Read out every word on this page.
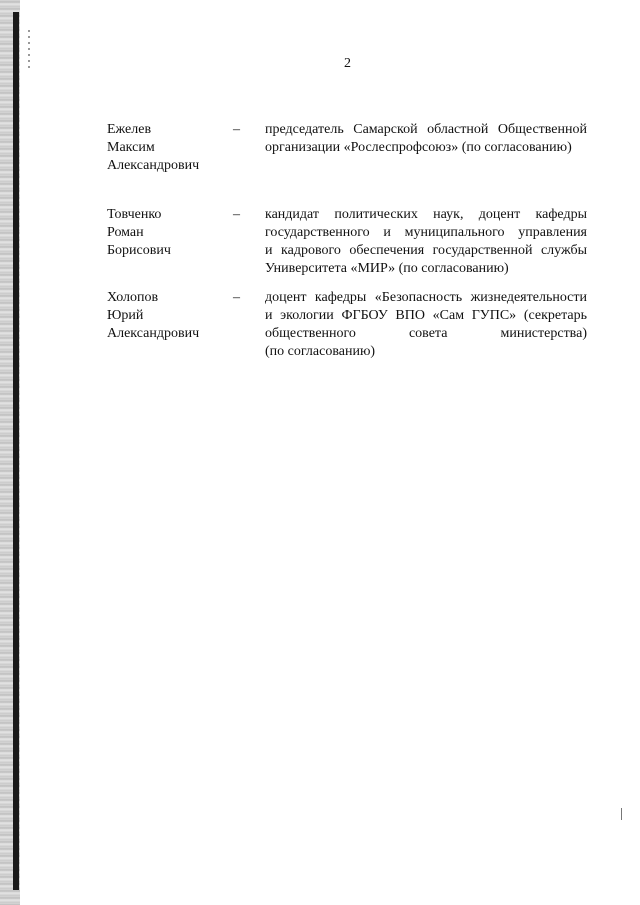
2
Ежелев
Максим
Александрович
– председатель Самарской областной Общественной
организации «Рослеспрофсоюз» (по согласованию)
Товченко
Роман
Борисович
– кандидат политических наук, доцент кафедры
государственного и муниципального управления
и кадрового обеспечения государственной службы
Университета «МИР» (по согласованию)
Холопов
Юрий
Александрович
– доцент кафедры «Безопасность жизнедеятельности
и экологии ФГБОУ ВПО «Сам ГУПС» (секретарь
общественного совета министерства)
(по согласованию)
